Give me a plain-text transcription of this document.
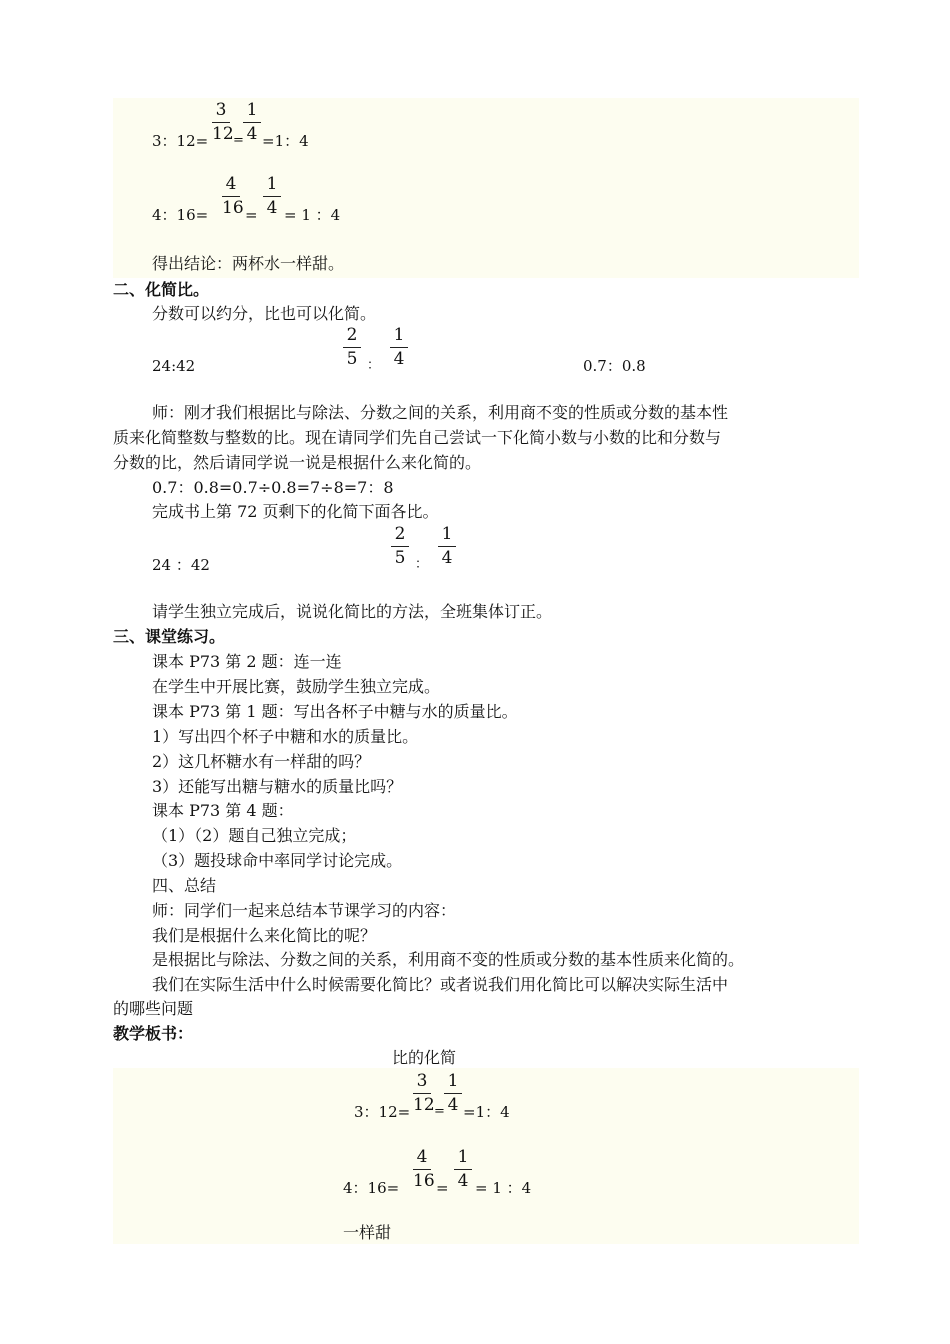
3：12=
3
12 =
1
4 =1：4
4：16=
4
16 =
1
4 = 1 ：4
得出结论：两杯水一样甜。
二、化简比。
分数可以约分，比也可以化简。
24:42
2
5 ：
1
4	0.7：0.8
师：刚才我们根据比与除法、分数之间的关系，利用商不变的性质或分数的基本性
质来化简整数与整数的比。现在请同学们先自己尝试一下化简小数与小数的比和分数与
分数的比，然后请同学说一说是根据什么来化简的。
0.7：0.8=0.7÷0.8=7÷8=7：8
完成书上第 72 页剩下的化简下面各比。
24 ：42
2
5 ：
1
4
请学生独立完成后，说说化简比的方法，全班集体订正。
三、课堂练习。
课本 P73 第 2 题：连一连
在学生中开展比赛，鼓励学生独立完成。
课本 P73 第 1 题：写出各杯子中糖与水的质量比。
1）写出四个杯子中糖和水的质量比。
2）这几杯糖水有一样甜的吗？
3）还能写出糖与糖水的质量比吗？
课本 P73 第 4 题：
（1）（2）题自己独立完成；
（3）题投球命中率同学讨论完成。
四、总结
师：同学们一起来总结本节课学习的内容：
我们是根据什么来化简比的呢？
是根据比与除法、分数之间的关系，利用商不变的性质或分数的基本性质来化简的。
我们在实际生活中什么时候需要化简比？或者说我们用化简比可以解决实际生活中
的哪些问题
教学板书：
比的化简
3：12=
3
12 =
1
4 =1：4
4：16=
4
16 =
1
4 = 1 ：4
一样甜
